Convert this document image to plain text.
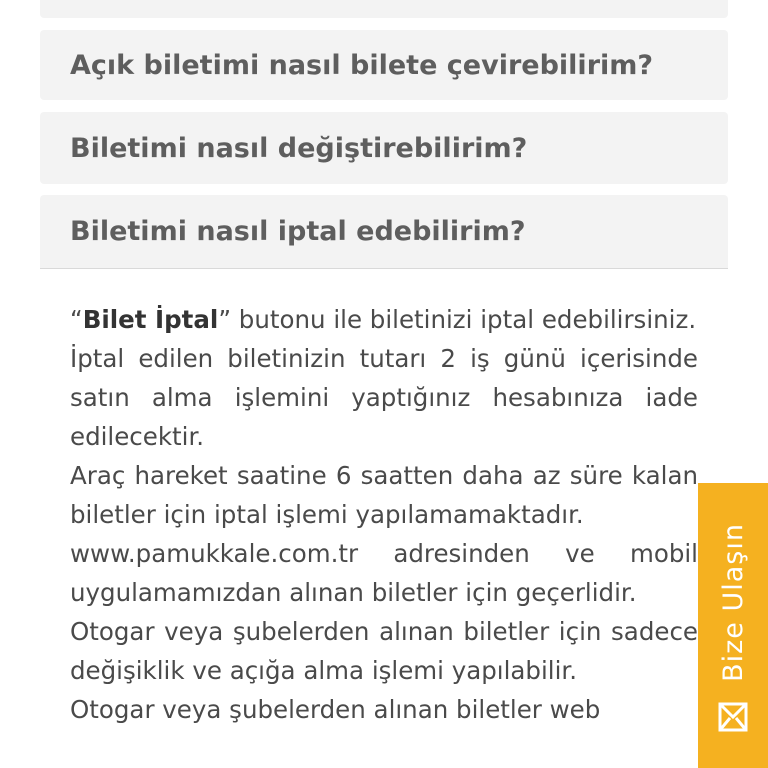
Açık biletimi nasıl bilete çevirebilirim?
Biletimi nasıl değiştirebilirim?
Biletimi nasıl iptal edebilirim?

“Bilet İptal” butonu ile biletinizi iptal edebilirsiniz.

İptal edilen biletinizin tutarı 2 iş günü içerisinde satın alma işlemini yaptığınız hesabınıza iade edilecektir.

Araç hareket saatine 6 saatten daha az süre kalan biletler için iptal işlemi yapılamamaktadır.

www.pamukkale.com.tr adresinden ve mobil uygulamamızdan alınan biletler için geçerlidir.

Otogar veya şubelerden alınan biletler için sadece değişiklik ve açığa alma işlemi yapılabilir.

Otogar veya şubelerden alınan biletler web

Bize Ulaşın
